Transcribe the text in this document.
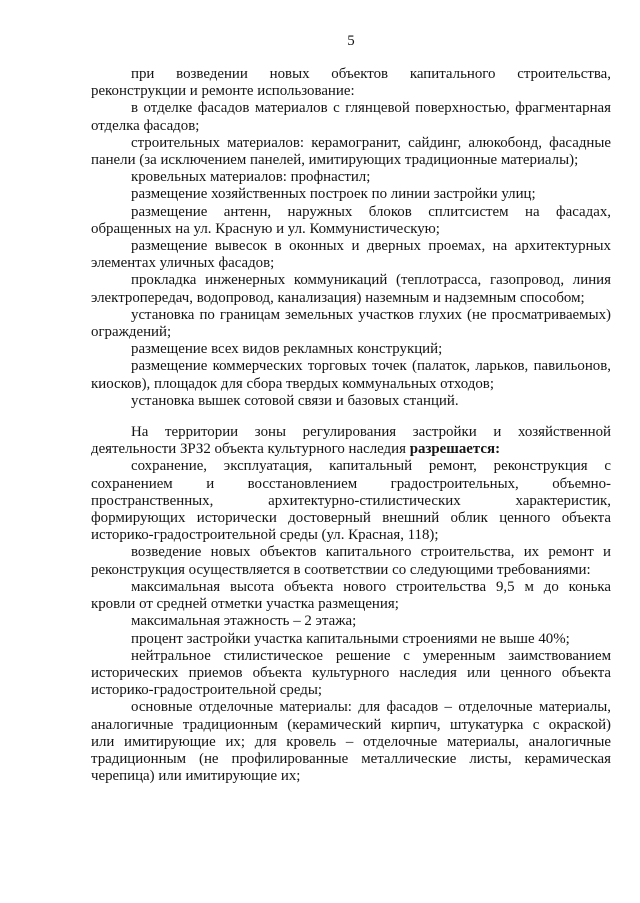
5
при возведении новых объектов капитального строительства,
реконструкции и ремонте использование:
в отделке фасадов материалов с глянцевой поверхностью, фрагментарная
отделка фасадов;
строительных материалов: керамогранит, сайдинг, алюкобонд, фасадные
панели (за исключением панелей, имитирующих традиционные материалы);
кровельных материалов: профнастил;
размещение хозяйственных построек по линии застройки улиц;
размещение антенн, наружных блоков сплитсистем на фасадах,
обращенных на ул. Красную и ул. Коммунистическую;
размещение вывесок в оконных и дверных проемах, на архитектурных
элементах уличных фасадов;
прокладка инженерных коммуникаций (теплотрасса, газопровод, линия
электропередач, водопровод, канализация) наземным и надземным способом;
установка по границам земельных участков глухих (не просматриваемых)
ограждений;
размещение всех видов рекламных конструкций;
размещение коммерческих торговых точек (палаток, ларьков, павильонов,
киосков), площадок для сбора твердых коммунальных отходов;
установка вышек сотовой связи и базовых станций.
На территории зоны регулирования застройки и хозяйственной
деятельности ЗРЗ2 объекта культурного наследия разрешается:
сохранение, эксплуатация, капитальный ремонт, реконструкция с
сохранением и восстановлением градостроительных, объемно-
пространственных, архитектурно-стилистических характеристик,
формирующих исторически достоверный внешний облик ценного объекта
историко-градостроительной среды (ул. Красная, 118);
возведение новых объектов капитального строительства, их ремонт и
реконструкция осуществляется в соответствии со следующими требованиями:
максимальная высота объекта нового строительства 9,5 м до конька
кровли от средней отметки участка размещения;
максимальная этажность – 2 этажа;
процент застройки участка капитальными строениями не выше 40%;
нейтральное стилистическое решение с умеренным заимствованием
исторических приемов объекта культурного наследия или ценного объекта
историко-градостроительной среды;
основные отделочные материалы: для фасадов – отделочные материалы,
аналогичные традиционным (керамический кирпич, штукатурка с окраской)
или имитирующие их; для кровель – отделочные материалы, аналогичные
традиционным (не профилированные металлические листы, керамическая
черепица) или имитирующие их;
